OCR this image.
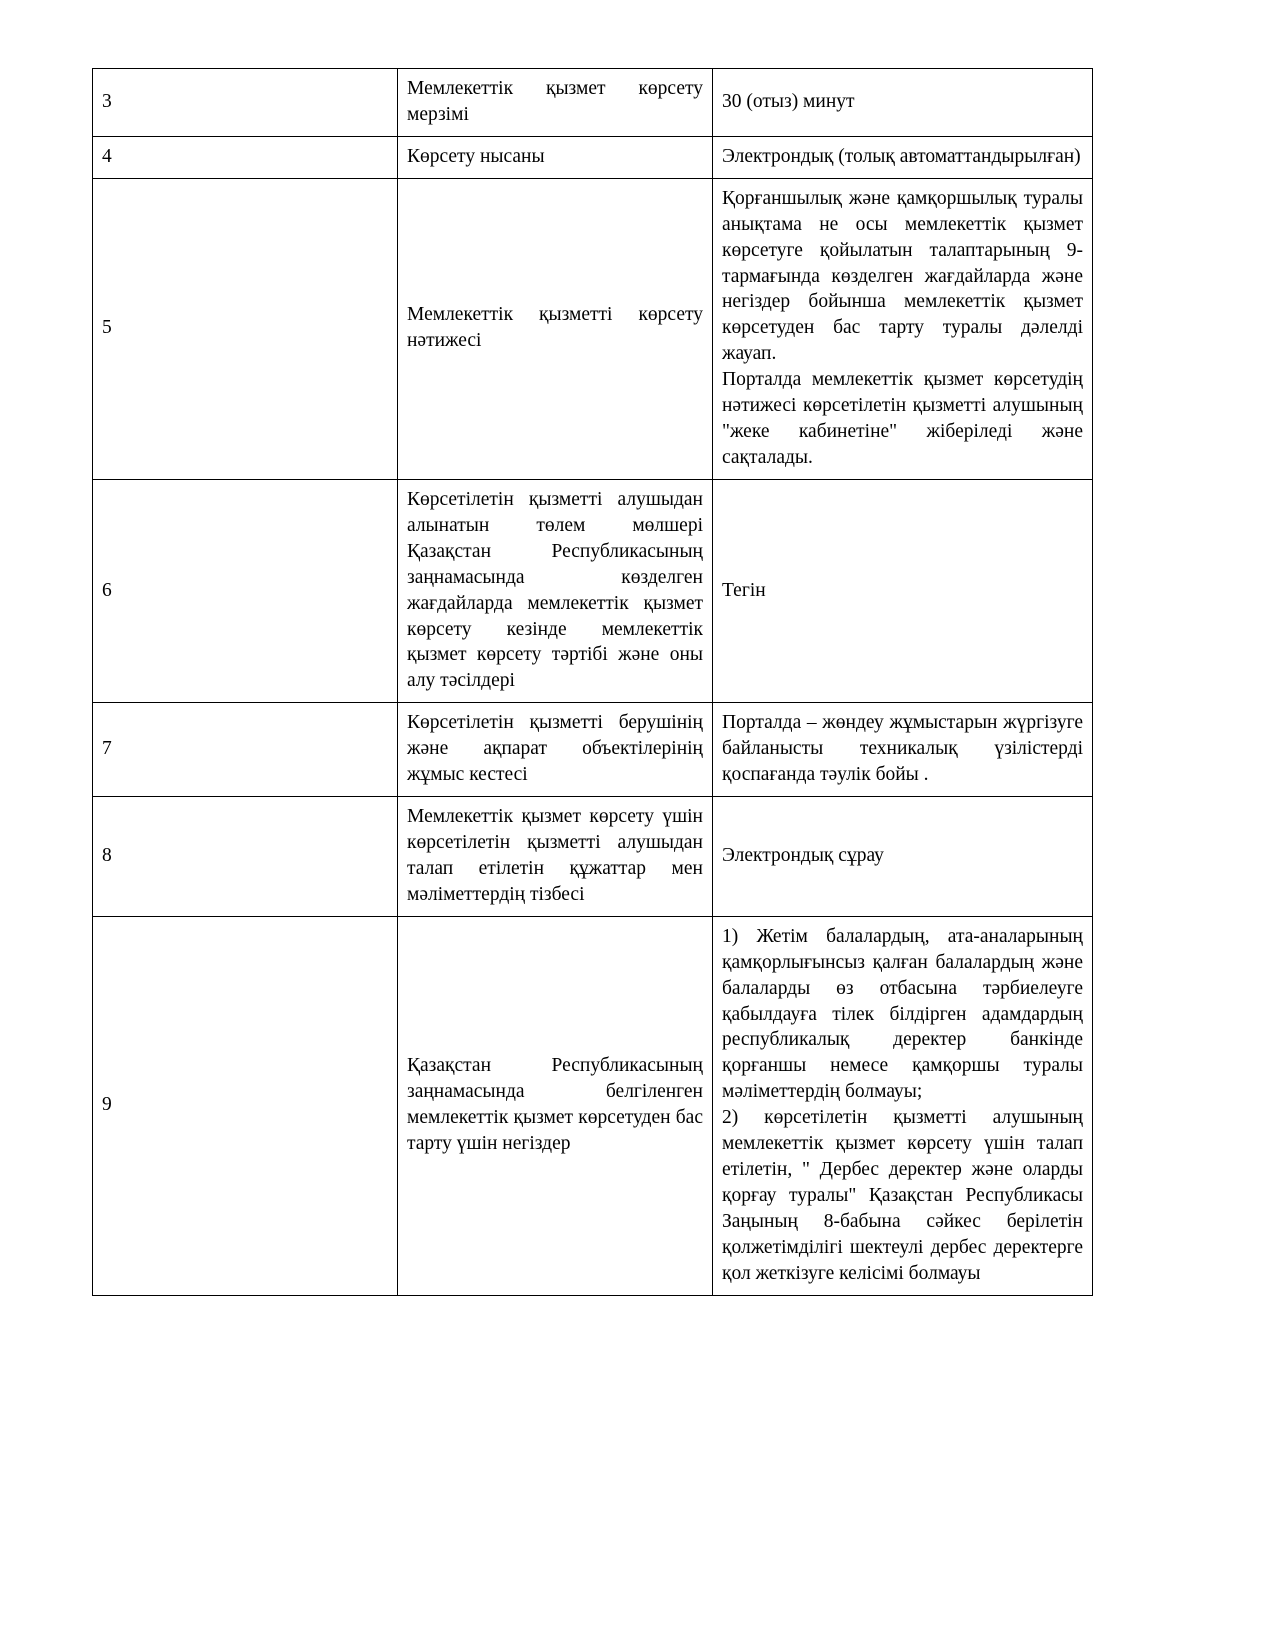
3	Мемлекеттік қызмет көрсету мерзімі	30 (отыз) минут
4	Көрсету нысаны	Электрондық (толық автоматтандырылған)
5	Мемлекеттік қызметті көрсету нәтижесі	Қорғаншылық және қамқоршылық туралы анықтама не осы мемлекеттік қызмет көрсетуге қойылатын талаптарының 9-тармағында көзделген жағдайларда және негіздер бойынша мемлекеттік қызмет көрсетуден бас тарту туралы дәлелді жауап.

Порталда мемлекеттік қызмет көрсетудің нәтижесі көрсетілетін қызметті алушының "жеке кабинетіне" жіберіледі және сақталады.

6	Көрсетілетін қызметті алушыдан алынатын төлем мөлшері Қазақстан Республикасының заңнамасында көзделген жағдайларда мемлекеттік қызмет көрсету кезінде мемлекеттік қызмет көрсету тәртібі және оны алу тәсілдері	Тегін
7	Көрсетілетін қызметті берушінің және ақпарат объектілерінің жұмыс кестесі	Порталда – жөндеу жұмыстарын жүргізуге байланысты техникалық үзілістерді қоспағанда тәулік бойы .
8	Мемлекеттік қызмет көрсету үшін көрсетілетін қызметті алушыдан талап етілетін құжаттар мен мәліметтердің тізбесі	Электрондық сұрау
9	Қазақстан Республикасының заңнамасында белгіленген мемлекеттік қызмет көрсетуден бас тарту үшін негіздер	1) Жетім балалардың, ата-аналарының қамқорлығынсыз қалған балалардың және балаларды өз отбасына тәрбиелеуге қабылдауға тілек білдірген адамдардың республикалық деректер банкінде қорғаншы немесе қамқоршы туралы мәліметтердің болмауы;

2) көрсетілетін қызметті алушының мемлекеттік қызмет көрсету үшін талап етілетін, " Дербес деректер және оларды қорғау туралы" Қазақстан Республикасы Заңының 8-бабына сәйкес берілетін қолжетімділігі шектеулі дербес деректерге қол жеткізуге келісімі болмауы
